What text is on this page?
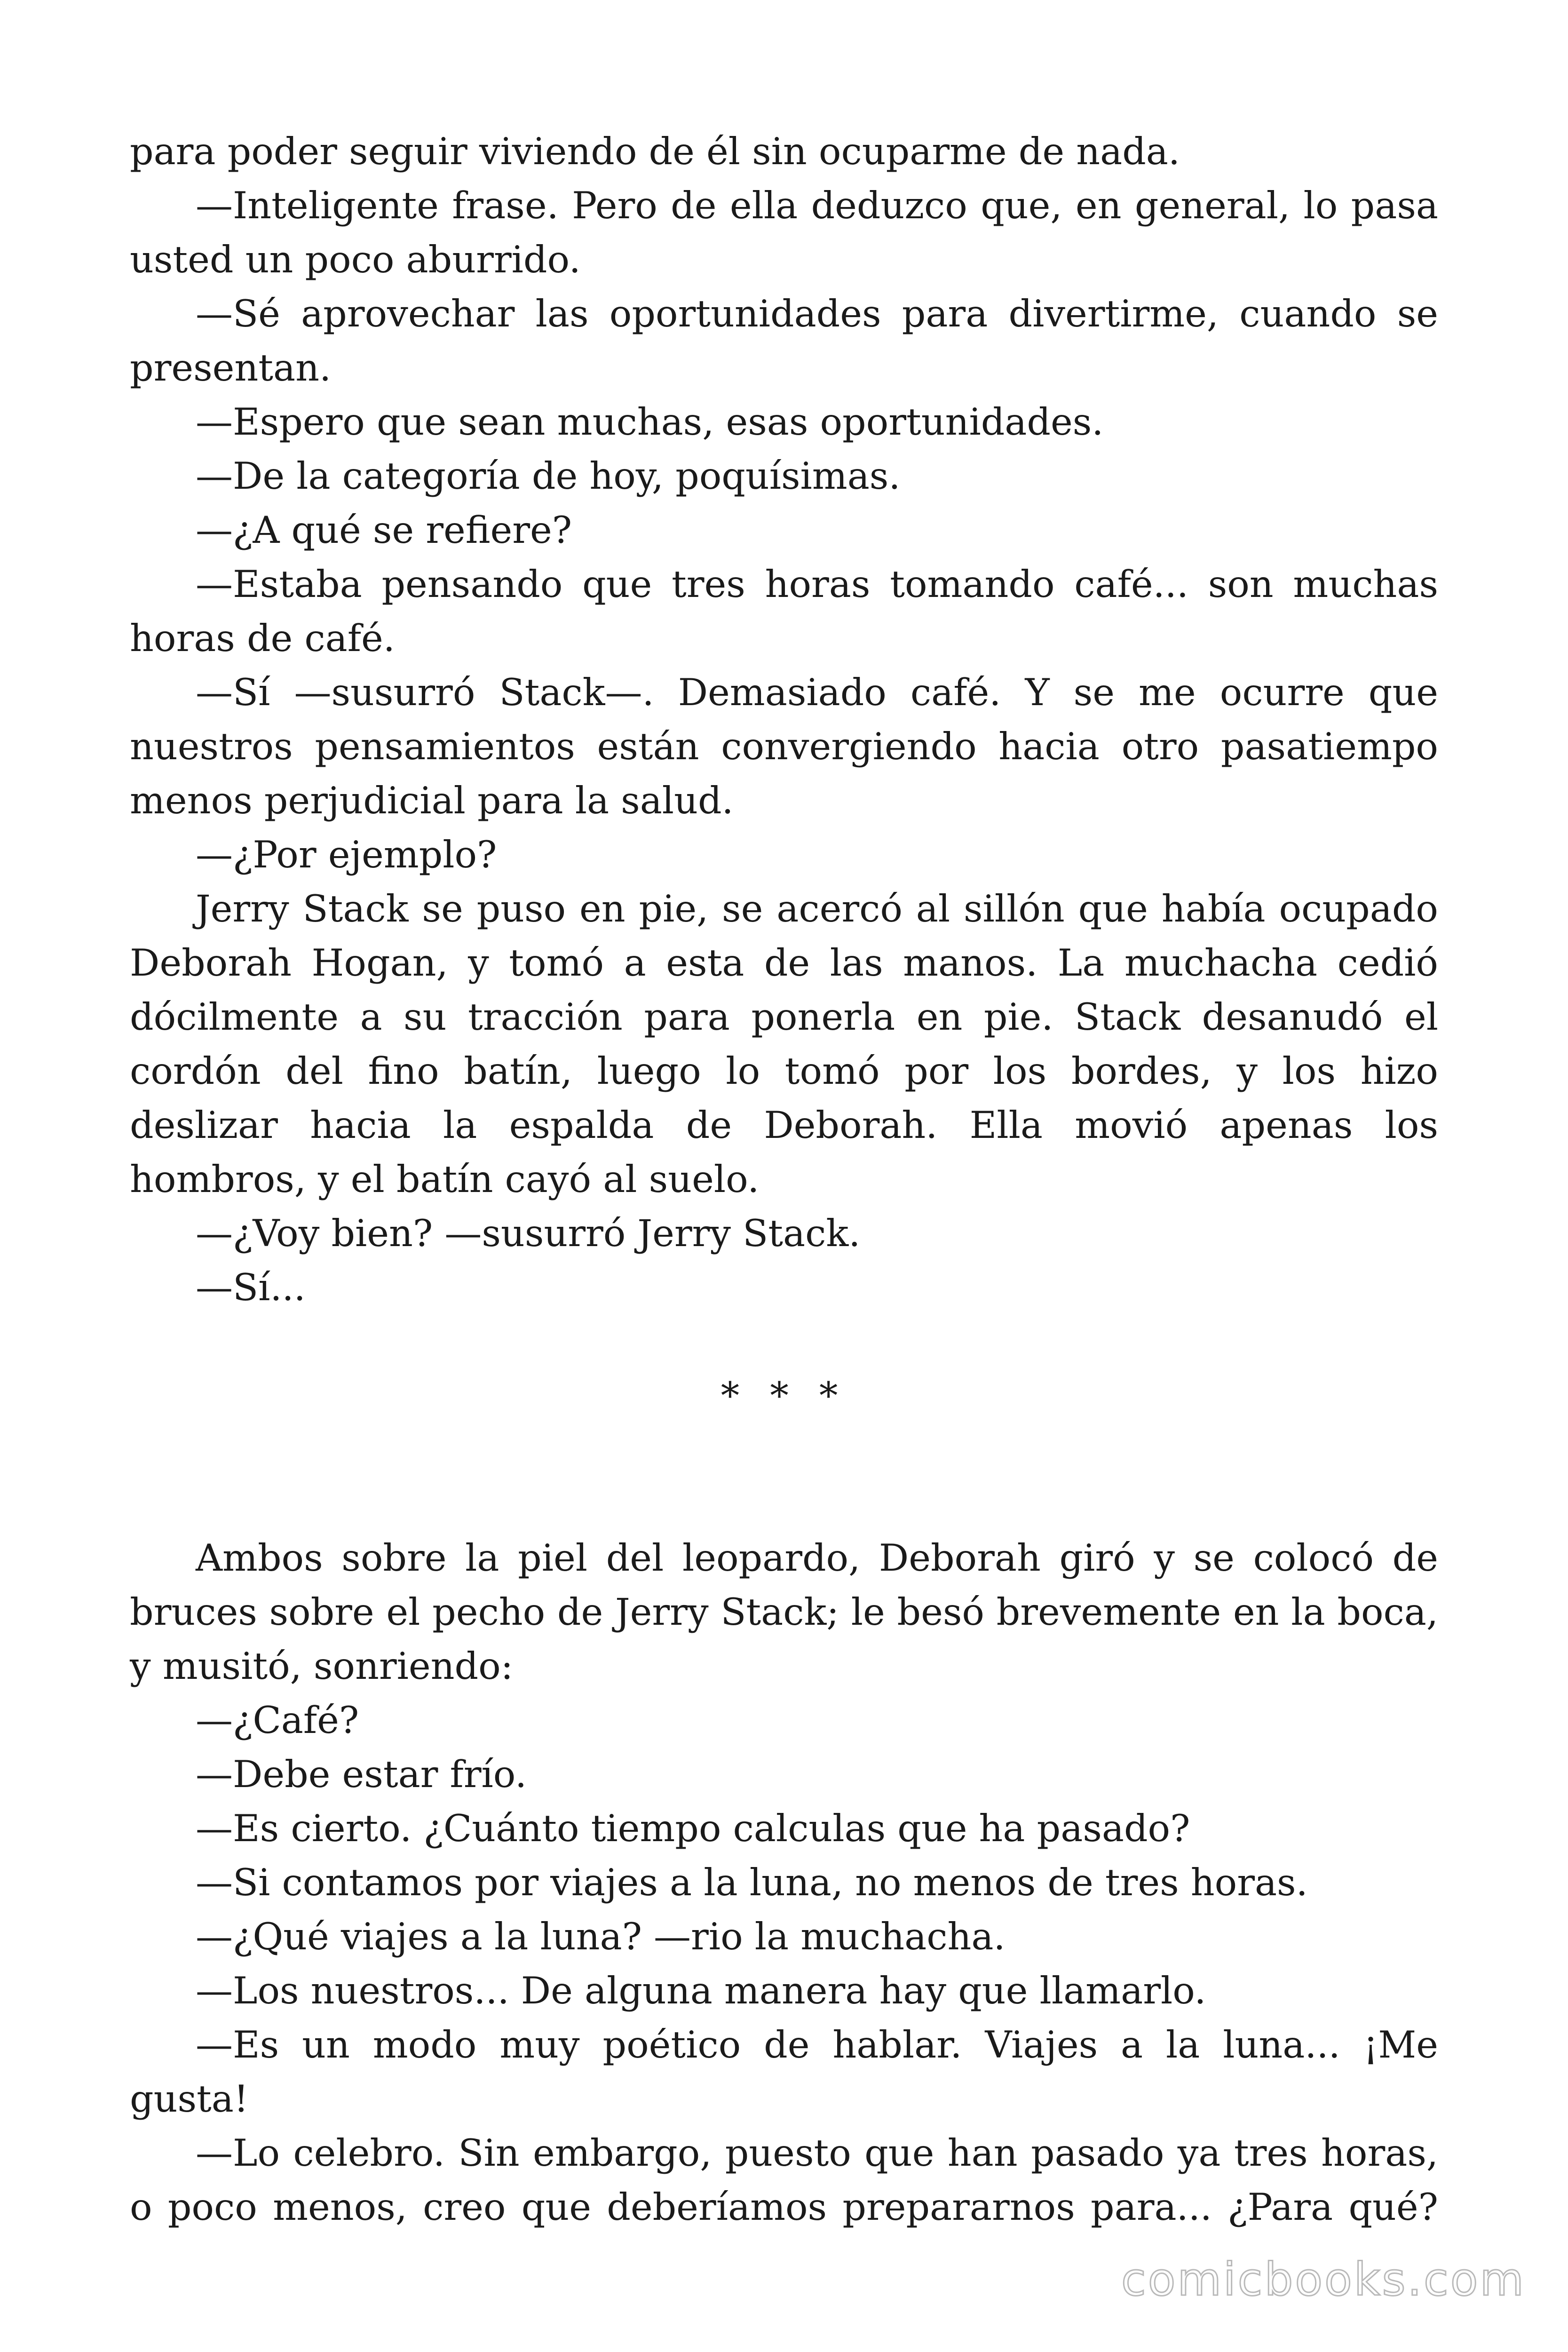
para poder seguir viviendo de él sin ocuparme de nada.

—Inteligente frase. Pero de ella deduzco que, en general, lo pasa usted un poco aburrido.

—Sé aprovechar las oportunidades para divertirme, cuando se presentan.

—Espero que sean muchas, esas oportunidades.

—De la categoría de hoy, poquísimas.

—¿A qué se refiere?

—Estaba pensando que tres horas tomando café... son muchas horas de café.

—Sí —susurró Stack—. Demasiado café. Y se me ocurre que nuestros pensamientos están convergiendo hacia otro pasatiempo menos perjudicial para la salud.

—¿Por ejemplo?

Jerry Stack se puso en pie, se acercó al sillón que había ocupado Deborah Hogan, y tomó a esta de las manos. La muchacha cedió dócilmente a su tracción para ponerla en pie. Stack desanudó el cordón del fino batín, luego lo tomó por los bordes, y los hizo deslizar hacia la espalda de Deborah. Ella movió apenas los hombros, y el batín cayó al suelo.

—¿Voy bien? —susurró Jerry Stack.

—Sí...

* * *

Ambos sobre la piel del leopardo, Deborah giró y se colocó de bruces sobre el pecho de Jerry Stack; le besó brevemente en la boca, y musitó, sonriendo:

—¿Café?

—Debe estar frío.

—Es cierto. ¿Cuánto tiempo calculas que ha pasado?

—Si contamos por viajes a la luna, no menos de tres horas.

—¿Qué viajes a la luna? —rio la muchacha.

—Los nuestros... De alguna manera hay que llamarlo.

—Es un modo muy poético de hablar. Viajes a la luna... ¡Me gusta!

—Lo celebro. Sin embargo, puesto que han pasado ya tres horas, o poco menos, creo que deberíamos prepararnos para... ¿Para qué?

comicbooks.com
